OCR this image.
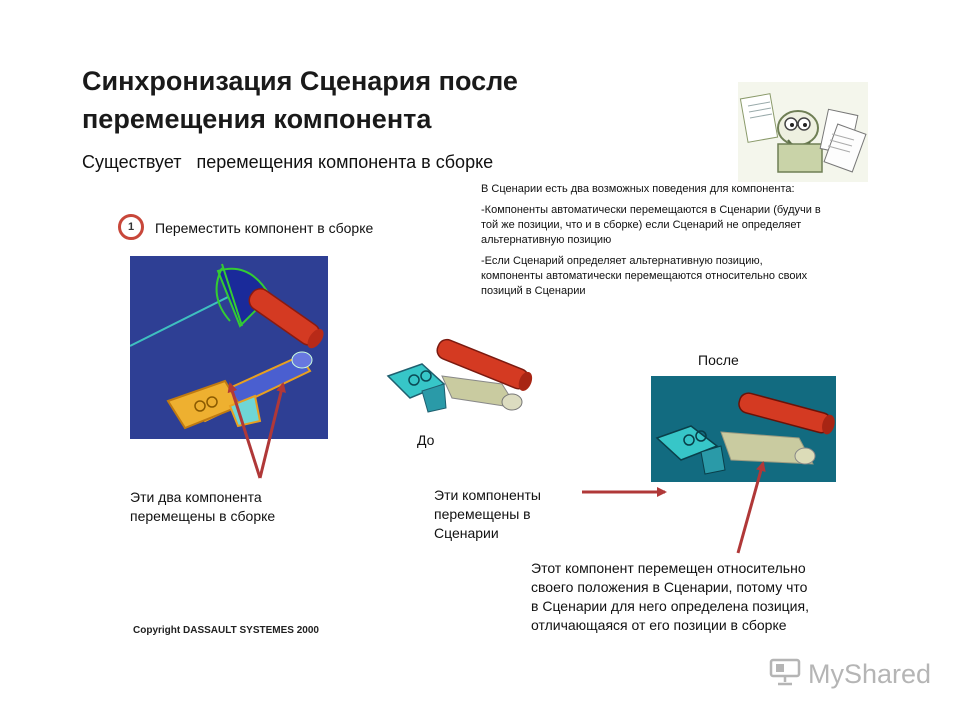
Синхронизация Сценария после
перемещения компонента
Существует   перемещения компонента в сборке

В Сценарии есть два возможных поведения для компонента:

-Компоненты автоматически перемещаются в Сценарии (будучи в той же позиции, что и в сборке) если Сценарий не определяет альтернативную позицию

-Если Сценарий определяет альтернативную позицию, компоненты автоматически перемещаются относительно своих позиций в Сценарии

1	Переместить компонент в сборке
До
После
Эти два компонента
перемещены в сборке
Эти компоненты
перемещены в
Сценарии
Этот компонент перемещен относительно
своего положения в Сценарии, потому что
в Сценарии для него определена позиция,
отличающаяся от его позиции в сборке
Copyright DASSAULT SYSTEMES 2000
MyShared
